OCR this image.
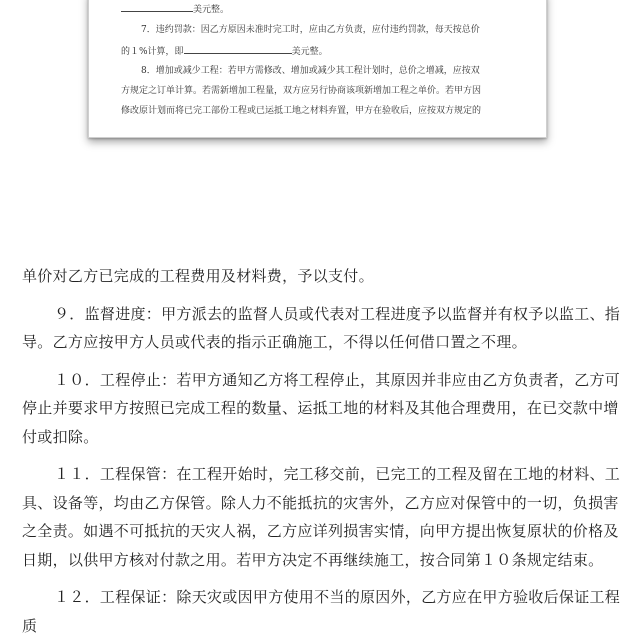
美元整。
7．违约罚款：因乙方原因未准时完工时，应由乙方负责，应付违约罚款，每天按总价
的１%计算，即	美元整。
8．增加或减少工程：若甲方需修改、增加或减少其工程计划时，总价之增减，应按双
方规定之订单计算。若需新增加工程量，双方应另行协商该项新增加工程之单价。若甲方因
修改原计划而将已完工部份工程或已运抵工地之材料弃置，甲方在验收后，应按双方规定的

单价对乙方已完成的工程费用及材料费，予以支付。

９．监督进度：甲方派去的监督人员或代表对工程进度予以监督并有权予以监工、指导。乙方应按甲方人员或代表的指示正确施工，不得以任何借口置之不理。

１０．工程停止：若甲方通知乙方将工程停止，其原因并非应由乙方负责者，乙方可停止并要求甲方按照已完成工程的数量、运抵工地的材料及其他合理费用，在已交款中增付或扣除。

１１．工程保管：在工程开始时，完工移交前，已完工的工程及留在工地的材料、工具、设备等，均由乙方保管。除人力不能抵抗的灾害外，乙方应对保管中的一切，负损害之全责。如遇不可抵抗的天灾人祸，乙方应详列损害实情，向甲方提出恢复原状的价格及日期，以供甲方核对付款之用。若甲方决定不再继续施工，按合同第１０条规定结束。

１２．工程保证：除天灾或因甲方使用不当的原因外，乙方应在甲方验收后保证工程质
